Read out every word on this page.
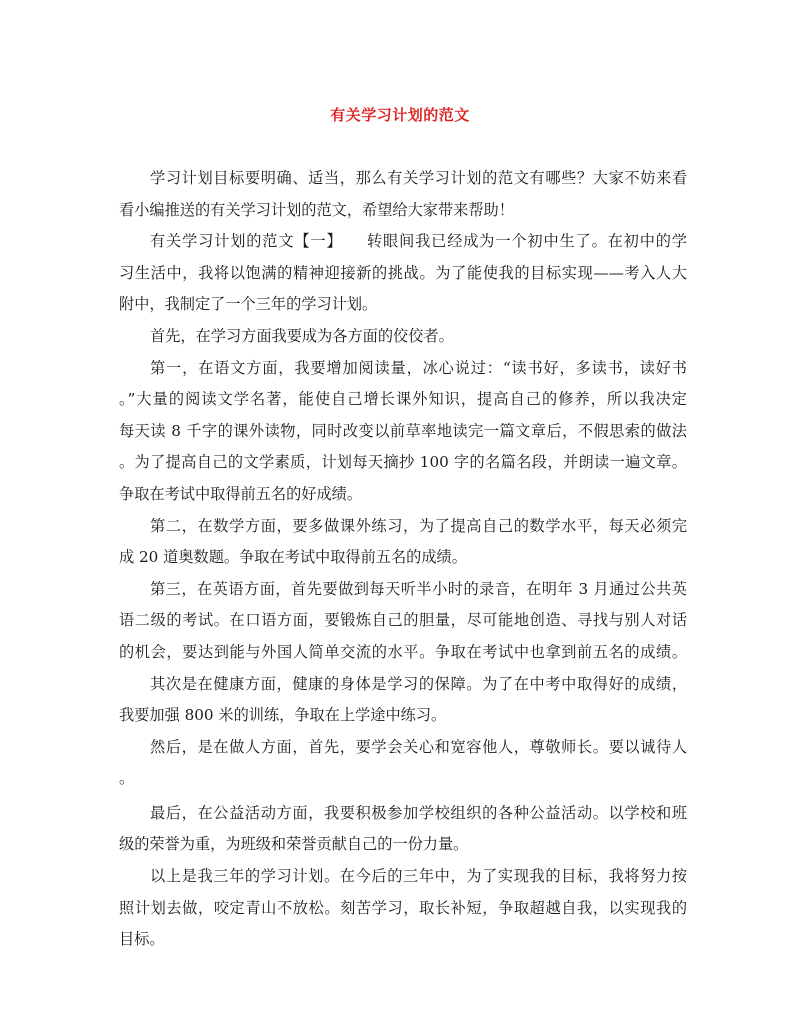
有关学习计划的范文
学习计划目标要明确、适当，那么有关学习计划的范文有哪些？大家不妨来看
看小编推送的有关学习计划的范文，希望给大家带来帮助！
有关学习计划的范文【一】　　转眼间我已经成为一个初中生了。在初中的学
习生活中，我将以饱满的精神迎接新的挑战。为了能使我的目标实现——考入人大
附中，我制定了一个三年的学习计划。
首先，在学习方面我要成为各方面的佼佼者。
第一，在语文方面，我要增加阅读量，冰心说过：“读书好，多读书，读好书
。”大量的阅读文学名著，能使自己增长课外知识，提高自己的修养，所以我决定
每天读 8 千字的课外读物，同时改变以前草率地读完一篇文章后，不假思索的做法
。为了提高自己的文学素质，计划每天摘抄 100 字的名篇名段，并朗读一遍文章。
争取在考试中取得前五名的好成绩。
第二，在数学方面，要多做课外练习，为了提高自己的数学水平，每天必须完
成 20 道奥数题。争取在考试中取得前五名的成绩。
第三，在英语方面，首先要做到每天听半小时的录音，在明年 3 月通过公共英
语二级的考试。在口语方面，要锻炼自己的胆量，尽可能地创造、寻找与别人对话
的机会，要达到能与外国人简单交流的水平。争取在考试中也拿到前五名的成绩。
其次是在健康方面，健康的身体是学习的保障。为了在中考中取得好的成绩，
我要加强 800 米的训练，争取在上学途中练习。
然后，是在做人方面，首先，要学会关心和宽容他人，尊敬师长。要以诚待人
。
最后，在公益活动方面，我要积极参加学校组织的各种公益活动。以学校和班
级的荣誉为重，为班级和荣誉贡献自己的一份力量。
以上是我三年的学习计划。在今后的三年中，为了实现我的目标，我将努力按
照计划去做，咬定青山不放松。刻苦学习，取长补短，争取超越自我，以实现我的
目标。
